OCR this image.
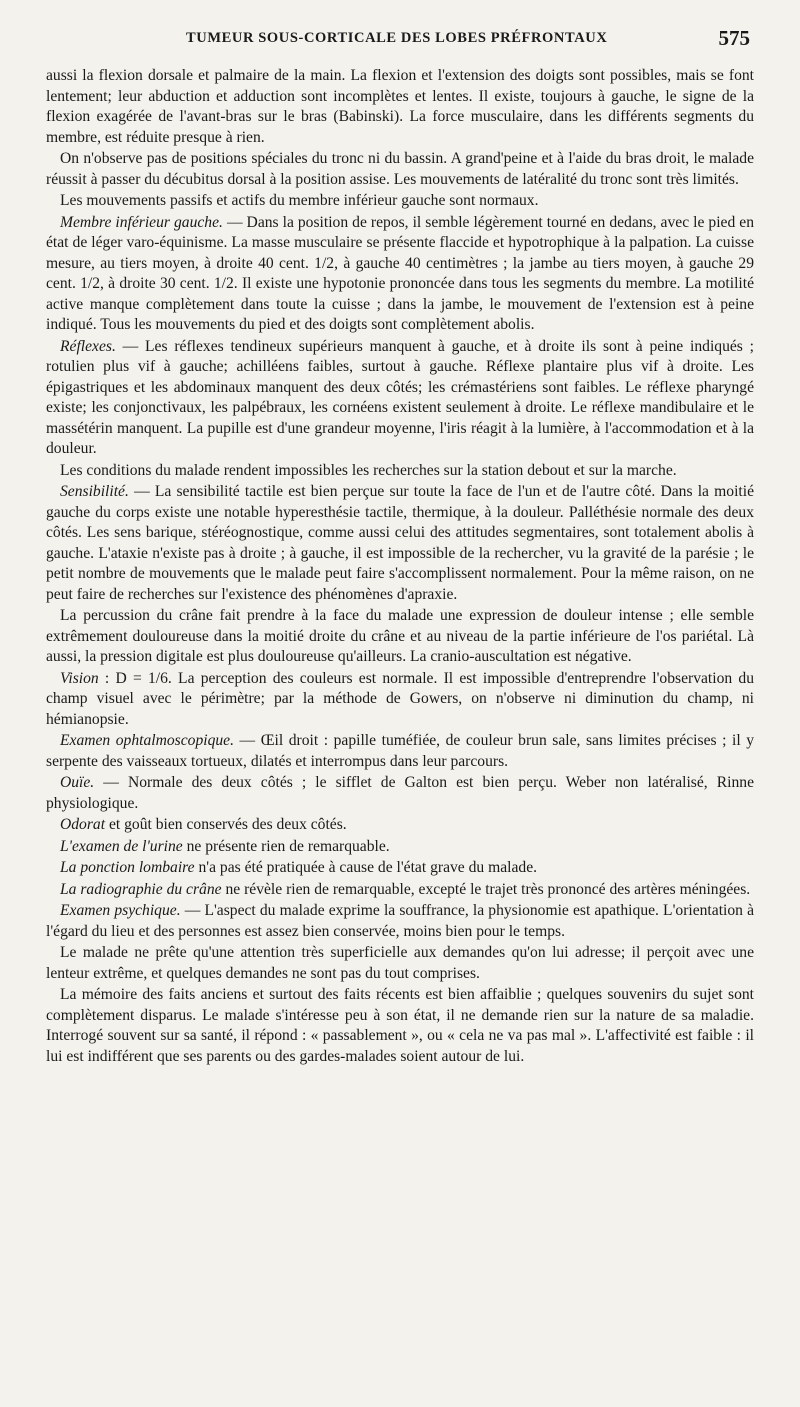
TUMEUR SOUS-CORTICALE DES LOBES PRÉFRONTAUX	575

aussi la flexion dorsale et palmaire de la main. La flexion et l'extension des doigts sont possibles, mais se font lentement; leur abduction et adduction sont incomplètes et lentes. Il existe, toujours à gauche, le signe de la flexion exagérée de l'avant-bras sur le bras (Babinski). La force musculaire, dans les différents segments du membre, est réduite presque à rien.

On n'observe pas de positions spéciales du tronc ni du bassin. A grand'peine et à l'aide du bras droit, le malade réussit à passer du décubitus dorsal à la position assise. Les mouvements de latéralité du tronc sont très limités.

Les mouvements passifs et actifs du membre inférieur gauche sont normaux.

Membre inférieur gauche. — Dans la position de repos, il semble légèrement tourné en dedans, avec le pied en état de léger varo-équinisme. La masse musculaire se présente flaccide et hypotrophique à la palpation. La cuisse mesure, au tiers moyen, à droite 40 cent. 1/2, à gauche 40 centimètres ; la jambe au tiers moyen, à gauche 29 cent. 1/2, à droite 30 cent. 1/2. Il existe une hypotonie prononcée dans tous les segments du membre. La motilité active manque complètement dans toute la cuisse ; dans la jambe, le mouvement de l'extension est à peine indiqué. Tous les mouvements du pied et des doigts sont complètement abolis.

Réflexes. — Les réflexes tendineux supérieurs manquent à gauche, et à droite ils sont à peine indiqués ; rotulien plus vif à gauche; achilléens faibles, surtout à gauche. Réflexe plantaire plus vif à droite. Les épigastriques et les abdominaux manquent des deux côtés; les crémastériens sont faibles. Le réflexe pharyngé existe; les conjonctivaux, les palpébraux, les cornéens existent seulement à droite. Le réflexe mandibulaire et le massétérin manquent. La pupille est d'une grandeur moyenne, l'iris réagit à la lumière, à l'accommodation et à la douleur.

Les conditions du malade rendent impossibles les recherches sur la station debout et sur la marche.

Sensibilité. — La sensibilité tactile est bien perçue sur toute la face de l'un et de l'autre côté. Dans la moitié gauche du corps existe une notable hyperesthésie tactile, thermique, à la douleur. Palléthésie normale des deux côtés. Les sens barique, stéréognostique, comme aussi celui des attitudes segmentaires, sont totalement abolis à gauche. L'ataxie n'existe pas à droite ; à gauche, il est impossible de la rechercher, vu la gravité de la parésie ; le petit nombre de mouvements que le malade peut faire s'accomplissent normalement. Pour la même raison, on ne peut faire de recherches sur l'existence des phénomènes d'apraxie.

La percussion du crâne fait prendre à la face du malade une expression de douleur intense ; elle semble extrêmement douloureuse dans la moitié droite du crâne et au niveau de la partie inférieure de l'os pariétal. Là aussi, la pression digitale est plus douloureuse qu'ailleurs. La cranio-auscultation est négative.

Vision : D = 1/6. La perception des couleurs est normale. Il est impossible d'entreprendre l'observation du champ visuel avec le périmètre; par la méthode de Gowers, on n'observe ni diminution du champ, ni hémianopsie.

Examen ophtalmoscopique. — Œil droit : papille tuméfiée, de couleur brun sale, sans limites précises ; il y serpente des vaisseaux tortueux, dilatés et interrompus dans leur parcours.

Ouïe. — Normale des deux côtés ; le sifflet de Galton est bien perçu. Weber non latéralisé, Rinne physiologique.

Odorat et goût bien conservés des deux côtés.

L'examen de l'urine ne présente rien de remarquable.

La ponction lombaire n'a pas été pratiquée à cause de l'état grave du malade.

La radiographie du crâne ne révèle rien de remarquable, excepté le trajet très prononcé des artères méningées.

Examen psychique. — L'aspect du malade exprime la souffrance, la physionomie est apathique. L'orientation à l'égard du lieu et des personnes est assez bien conservée, moins bien pour le temps.

Le malade ne prête qu'une attention très superficielle aux demandes qu'on lui adresse; il perçoit avec une lenteur extrême, et quelques demandes ne sont pas du tout comprises.

La mémoire des faits anciens et surtout des faits récents est bien affaiblie ; quelques souvenirs du sujet sont complètement disparus. Le malade s'intéresse peu à son état, il ne demande rien sur la nature de sa maladie. Interrogé souvent sur sa santé, il répond : « passablement », ou « cela ne va pas mal ». L'affectivité est faible : il lui est indifférent que ses parents ou des gardes-malades soient autour de lui.
